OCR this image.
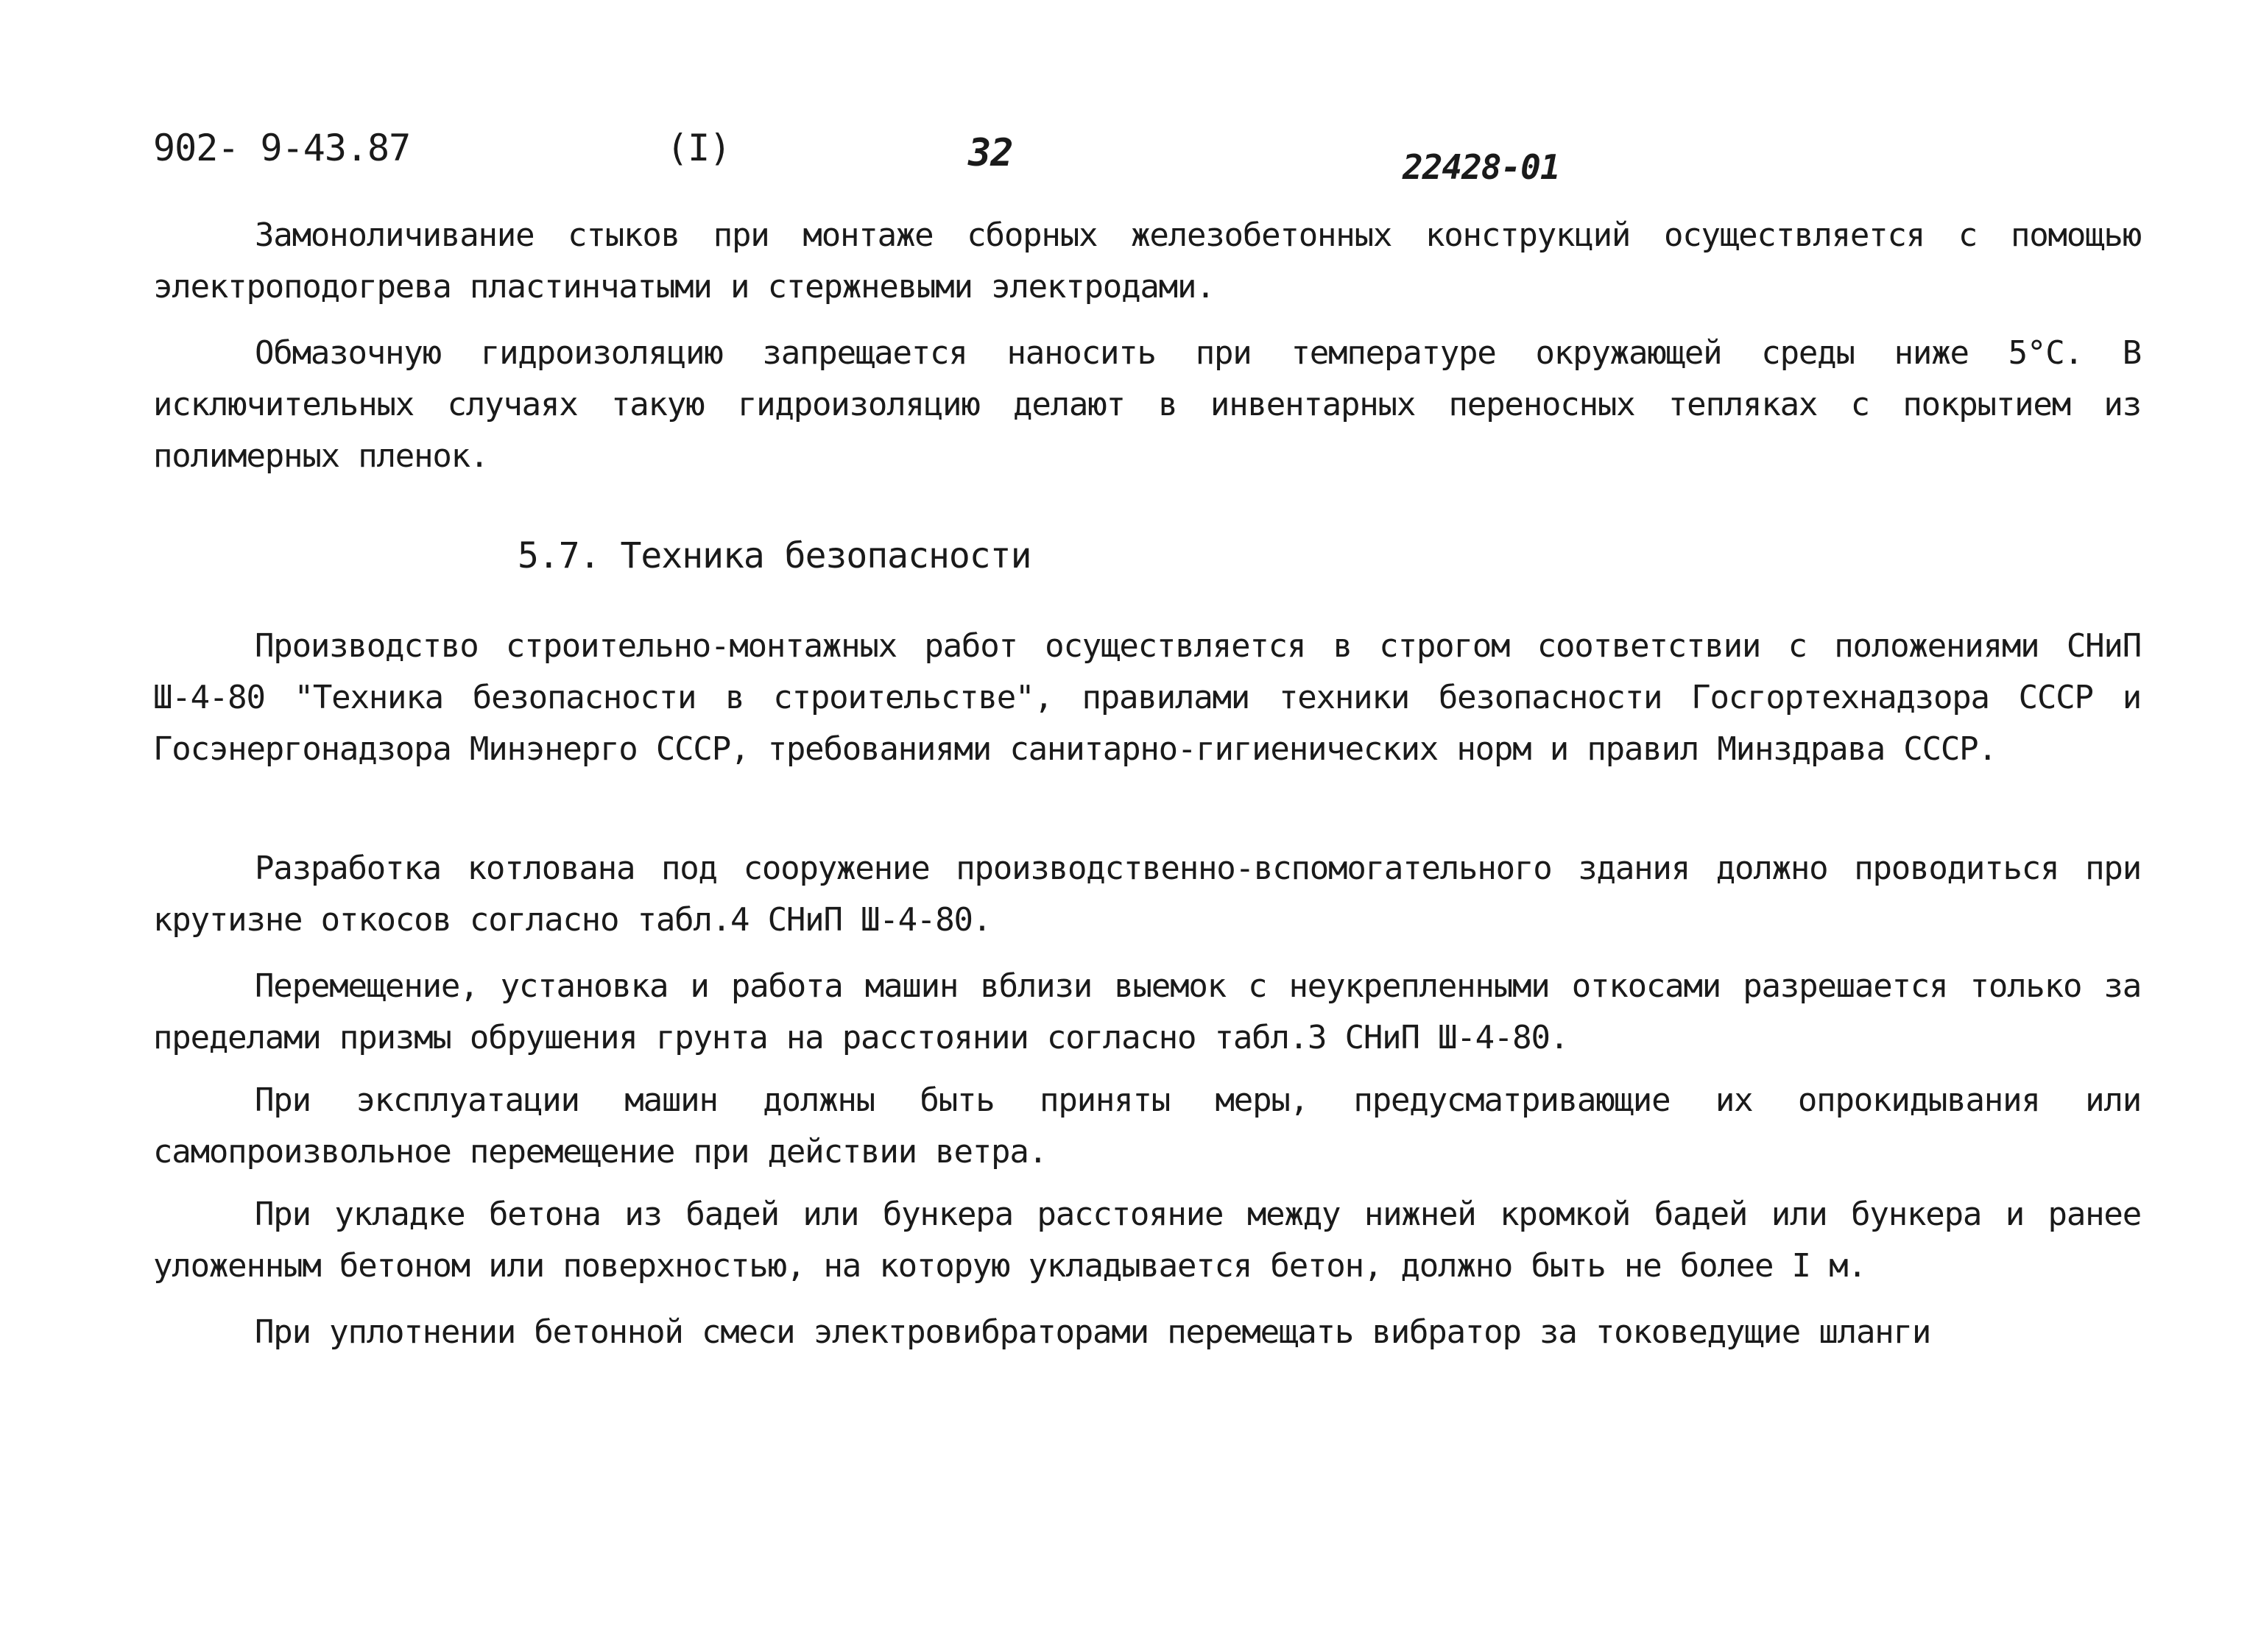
902- 9-43.87	(I)	32	22428-01

Замоноличивание стыков при монтаже сборных железобетонных конструкций осуществляется с помощью электроподогрева пластинчатыми и стержневыми электродами.

Обмазочную гидроизоляцию запрещается наносить при температуре окружающей среды ниже 5°С. В исключительных случаях такую гидроизоляцию делают в инвентарных переносных тепляках с покрытием из полимерных пленок.

5.7. Техника безопасности

Производство строительно-монтажных работ осуществляется в строгом соответствии с положениями СНиП Ш-4-80 "Техника безопасности в строительстве", правилами техники безопасности Госгортехнадзора СССР и Госэнергонадзора Минэнерго СССР, требованиями санитарно-гигиенических норм и правил Минздрава СССР.

Разработка котлована под сооружение производственно-вспомогательного здания должно проводиться при крутизне откосов согласно табл.4 СНиП Ш-4-80.

Перемещение, установка и работа машин вблизи выемок с неукрепленными откосами разрешается только за пределами призмы обрушения грунта на расстоянии согласно табл.3 СНиП Ш-4-80.

При эксплуатации машин должны быть приняты меры, предусматривающие их опрокидывания или самопроизвольное перемещение при действии ветра.

При укладке бетона из бадей или бункера расстояние между нижней кромкой бадей или бункера и ранее уложенным бетоном или поверхностью, на которую укладывается бетон, должно быть не более I м.

При уплотнении бетонной смеси электровибраторами перемещать вибратор за токоведущие шланги
